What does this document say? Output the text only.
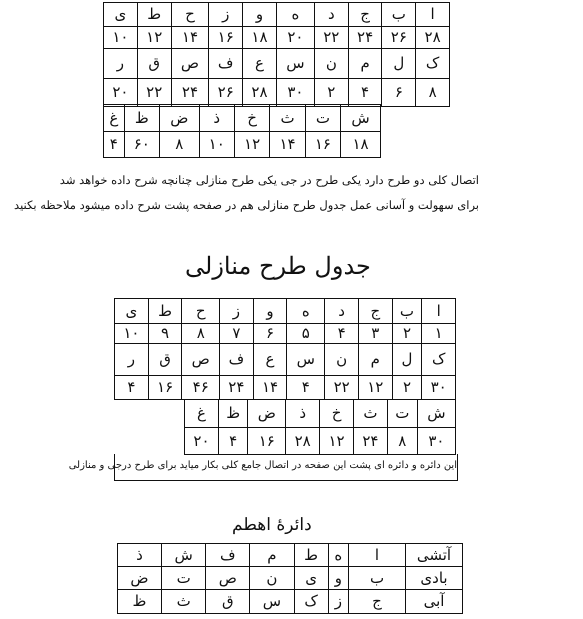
ا	ب	ج	د	ه	و	ز	ح	ط	ی
۲۸	۲۶	۲۴	۲۲	۲۰	۱۸	۱۶	۱۴	۱۲	۱۰
ک	ل	م	ن	س	ع	ف	ص	ق	ر
۸	۶	۴	۲	۳۰	۲۸	۲۶	۲۴	۲۲	۲۰
ش	ت	ث	خ	ذ	ض	ظ	غ
۱۸	۱۶	۱۴	۱۲	۱۰	۸	۶۰	۴
اتصال کلی دو طرح دارد یکی طرح در جی یکی طرح منازلی چنانچه شرح داده خواهد شد
برای سهولت و آسانی عمل جدول طرح منازلی هم در صفحه پشت شرح داده میشود ملاحظه بکنید
جدول طرح منازلی
ا	ب	ج	د	ه	و	ز	ح	ط	ی
۱	۲	۳	۴	۵	۶	۷	۸	۹	۱۰
ک	ل	م	ن	س	ع	ف	ص	ق	ر
۳۰	۲	۱۲	۲۲	۴	۱۴	۲۴	۴۶	۱۶	۴
ش	ت	ث	خ	ذ	ض	ظ	غ
۳۰	۸	۲۴	۱۲	۲۸	۱۶	۴	۲۰
این دائره و دائره ای پشت این صفحه در اتصال جامع کلی بکار میاید برای طرح درجی و منازلی
دائرهٔ اهطم
آتشی	ا	ه	ط	م	ف	ش	ذ
بادی	ب	و	ی	ن	ص	ت	ض
آبی	ج	ز	ک	س	ق	ث	ظ
